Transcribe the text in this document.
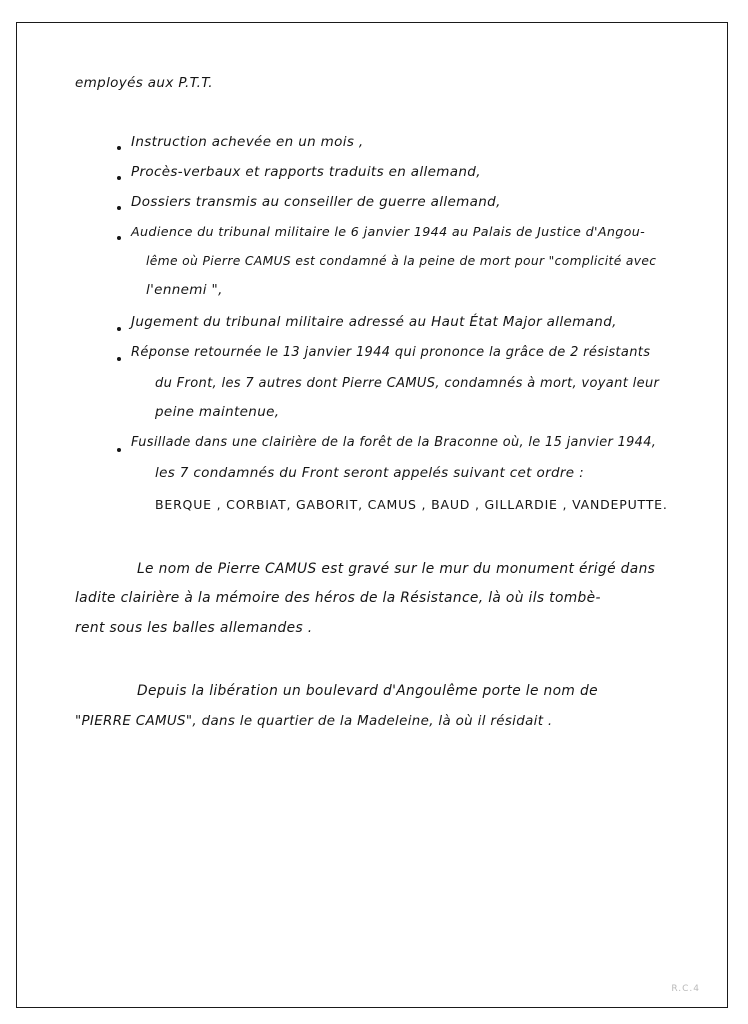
employés aux P.T.T.
Instruction achevée en un mois ,
Procès-verbaux et rapports traduits en allemand,
Dossiers transmis au conseiller de guerre allemand,
Audience du tribunal militaire le 6 janvier 1944 au Palais de Justice d'Angou-
lême où Pierre CAMUS est condamné à la peine de mort pour "complicité avec
l'ennemi ",
Jugement du tribunal militaire adressé au Haut État Major allemand,
Réponse retournée le 13 janvier 1944 qui prononce la grâce de 2 résistants
du Front, les 7 autres dont Pierre CAMUS, condamnés à mort, voyant leur
peine maintenue,
Fusillade dans une clairière de la forêt de la Braconne où, le 15 janvier 1944,
les 7 condamnés du Front seront appelés suivant cet ordre :
BERQUE , CORBIAT, GABORIT, CAMUS , BAUD , GILLARDIE , VANDEPUTTE.
Le nom de Pierre CAMUS est gravé sur le mur du monument érigé dans
ladite clairière à la mémoire des héros de la Résistance, là où ils tombè-
rent sous les balles allemandes .
Depuis la libération un boulevard d'Angoulême porte le nom de
"PIERRE CAMUS", dans le quartier de la Madeleine, là où il résidait .
R.C.4
